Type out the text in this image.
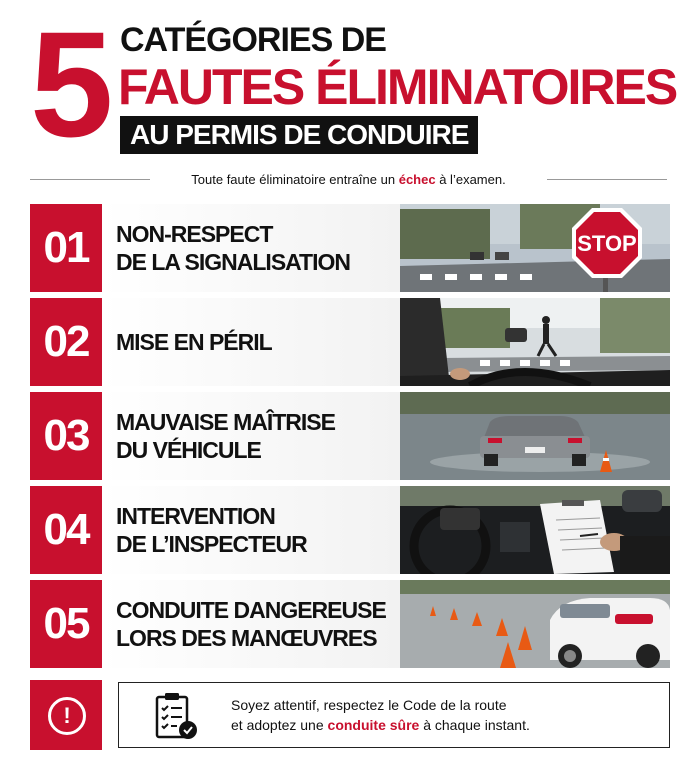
5 CATÉGORIES DE
FAUTES ÉLIMINATOIRES
AU PERMIS DE CONDUIRE
Toute faute éliminatoire entraîne un échec à l’examen.
01	NON-RESPECT
DE LA SIGNALISATION
STOP
02	MISE EN PÉRIL
03	MAUVAISE MAÎTRISE
DU VÉHICULE
04	INTERVENTION
DE L’INSPECTEUR
05	CONDUITE DANGEREUSE
LORS DES MANŒUVRES
!	Soyez attentif, respectez le Code de la route
et adoptez une conduite sûre à chaque instant.
